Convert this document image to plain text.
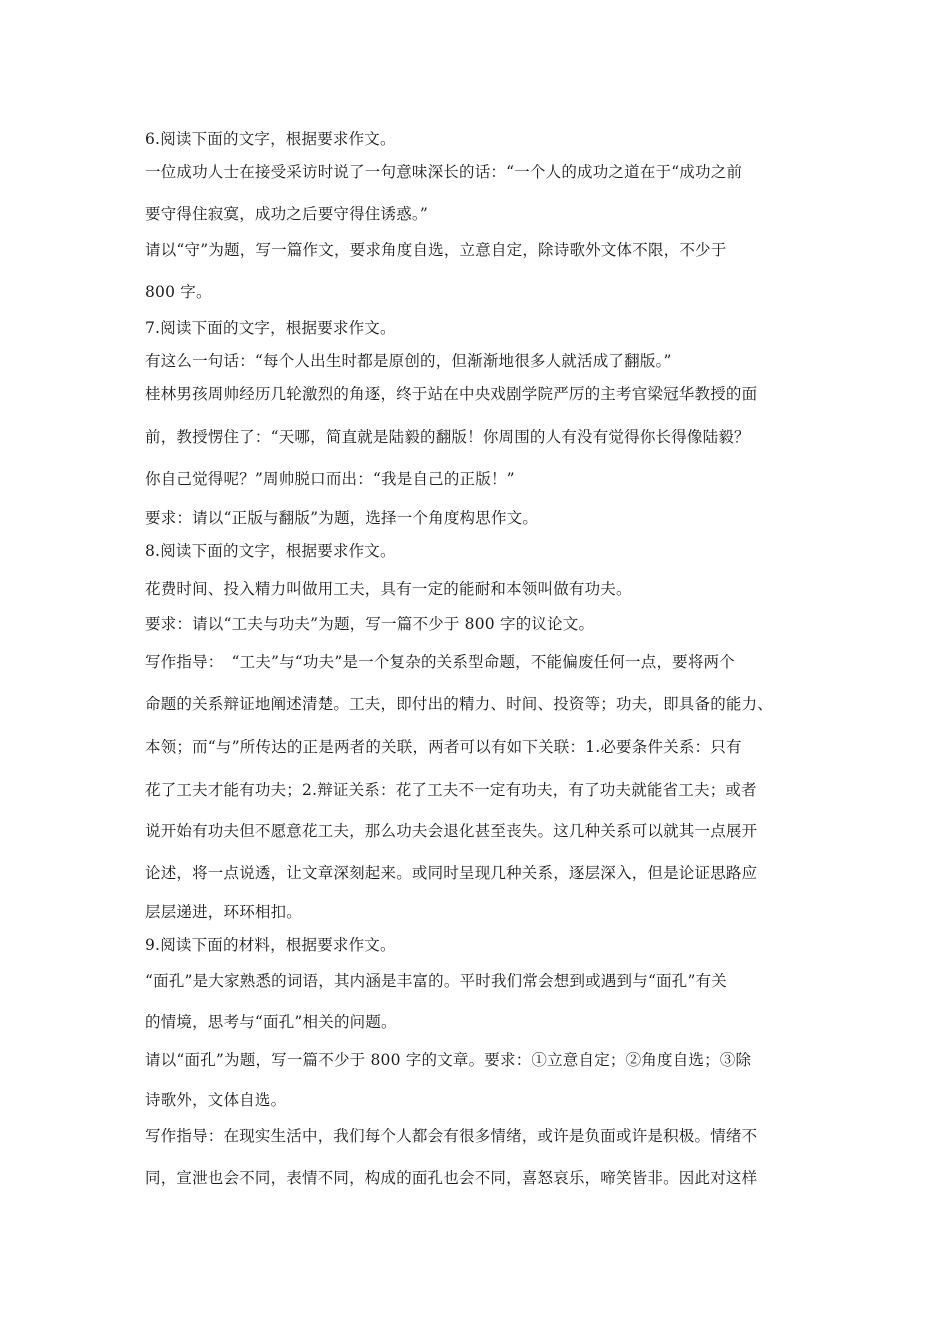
6.阅读下面的文字，根据要求作文。
一位成功人士在接受采访时说了一句意味深长的话：“一个人的成功之道在于“成功之前
要守得住寂寞，成功之后要守得住诱惑。”
请以“守”为题，写一篇作文，要求角度自选，立意自定，除诗歌外文体不限，不少于
800 字。
7.阅读下面的文字，根据要求作文。
有这么一句话：“每个人出生时都是原创的，但渐渐地很多人就活成了翻版。”
桂林男孩周帅经历几轮激烈的角逐，终于站在中央戏剧学院严厉的主考官梁冠华教授的面
前，教授愣住了：“天哪，简直就是陆毅的翻版！你周围的人有没有觉得你长得像陆毅？
你自己觉得呢？”周帅脱口而出：“我是自己的正版！”
要求：请以“正版与翻版”为题，选择一个角度构思作文。
8.阅读下面的文字，根据要求作文。
花费时间、投入精力叫做用工夫，具有一定的能耐和本领叫做有功夫。
要求：请以“工夫与功夫”为题，写一篇不少于 800 字的议论文。
写作指导：　“工夫”与“功夫”是一个复杂的关系型命题，不能偏废任何一点，要将两个
命题的关系辩证地阐述清楚。工夫，即付出的精力、时间、投资等；功夫，即具备的能力、
本领；而“与”所传达的正是两者的关联，两者可以有如下关联：1.必要条件关系：只有
花了工夫才能有功夫；2.辩证关系：花了工夫不一定有功夫，有了功夫就能省工夫；或者
说开始有功夫但不愿意花工夫，那么功夫会退化甚至丧失。这几种关系可以就其一点展开
论述，将一点说透，让文章深刻起来。或同时呈现几种关系，逐层深入，但是论证思路应
层层递进，环环相扣。
9.阅读下面的材料，根据要求作文。
“面孔”是大家熟悉的词语，其内涵是丰富的。平时我们常会想到或遇到与“面孔”有关
的情境，思考与“面孔”相关的问题。
请以“面孔”为题，写一篇不少于 800 字的文章。要求：①立意自定；②角度自选；③除
诗歌外，文体自选。
写作指导：在现实生活中，我们每个人都会有很多情绪，或许是负面或许是积极。情绪不
同，宣泄也会不同，表情不同，构成的面孔也会不同，喜怒哀乐，啼笑皆非。因此对这样
